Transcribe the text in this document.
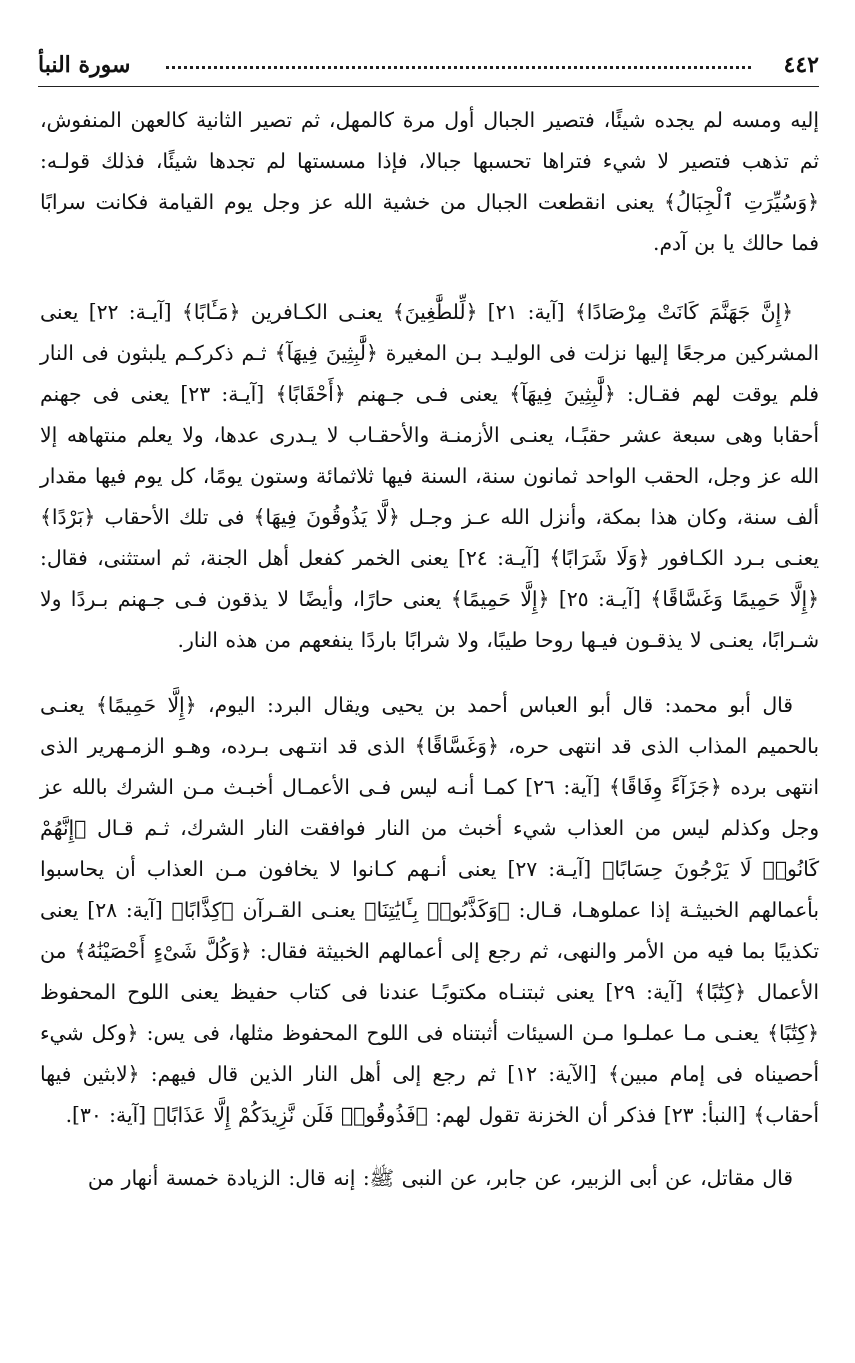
٤٤٢
سورة النبأ

إليه ومسه لم يجده شيئًا، فتصير الجبال أول مرة كالمهل، ثم تصير الثانية كالعهن المنفوش، ثم تذهب فتصير لا شيء فتراها تحسبها جبالا، فإذا مسستها لم تجدها شيئًا، فذلك قولـه: ﴿وَسُيِّرَتِ ٱلْجِبَالُ﴾ يعنى انقطعت الجبال من خشية الله عز وجل يوم القيامة فكانت سرابًا فما حالك يا بن آدم.

﴿إِنَّ جَهَنَّمَ كَانَتْ مِرْصَادًا﴾ [آية: ٢١] ﴿لِّلطَّٰغِينَ﴾ يعنـى الكـافرين ﴿مَـَٔابًا﴾ [آيـة: ٢٢] يعنى المشركين مرجعًا إليها نزلت فى الوليـد بـن المغيرة ﴿لَّٰبِثِينَ فِيهَآ﴾ ثـم ذكركـم يلبثون فى النار فلم يوقت لهم فقـال: ﴿لَّٰبِثِينَ فِيهَآ﴾ يعنى فـى جـهنم ﴿أَحْقَابًا﴾ [آيـة: ٢٣] يعنى فى جهنم أحقابا وهى سبعة عشر حقبًـا، يعنـى الأزمنـة والأحقـاب لا يـدرى عدها، ولا يعلم منتهاهه إلا الله عز وجل، الحقب الواحد ثمانون سنة، السنة فيها ثلاثمائة وستون يومًا، كل يوم فيها مقدار ألف سنة، وكان هذا بمكة، وأنزل الله عـز وجـل ﴿لَّا يَذُوقُونَ فِيهَا﴾ فى تلك الأحقاب ﴿بَرْدًا﴾ يعنـى بـرد الكـافور ﴿وَلَا شَرَابًا﴾ [آيـة: ٢٤] يعنى الخمر كفعل أهل الجنة، ثم استثنى، فقال: ﴿إِلَّا حَمِيمًا وَغَسَّاقًا﴾ [آيـة: ٢٥] ﴿إِلَّا حَمِيمًا﴾ يعنى حارًا، وأيضًا لا يذقون فـى جـهنم بـردًا ولا شـرابًا، يعنـى لا يذقـون فيـها روحا طيبًا، ولا شرابًا باردًا ينفعهم من هذه النار.

قال أبو محمد: قال أبو العباس أحمد بن يحيى ويقال البرد: اليوم، ﴿إِلَّا حَمِيمًا﴾ يعنـى بالحميم المذاب الذى قد انتهى حره، ﴿وَغَسَّاقًا﴾ الذى قد انتـهى بـرده، وهـو الزمـهرير الذى انتهى برده ﴿جَزَآءً وِفَاقًا﴾ [آية: ٢٦] كمـا أنـه ليس فـى الأعمـال أخبـث مـن الشرك بالله عز وجل وكذلم ليس من العذاب شيء أخبث من النار فوافقت النار الشرك، ثـم قـال ﴿إِنَّهُمْ كَانُوا۟ لَا يَرْجُونَ حِسَابًا﴾ [آيـة: ٢٧] يعنى أنـهم كـانوا لا يخافون مـن العذاب أن يحاسبوا بأعمالهم الخبيثـة إذا عملوهـا، قـال: ﴿وَكَذَّبُوا۟ بِـَٔايَٰتِنَا﴾ يعنـى القـرآن ﴿كِذَّابًا﴾ [آية: ٢٨] يعنى تكذيبًا بما فيه من الأمر والنهى، ثم رجع إلى أعمالهم الخبيثة فقال: ﴿وَكُلَّ شَىْءٍ أَحْصَيْنَٰهُ﴾ من الأعمال ﴿كِتَٰبًا﴾ [آية: ٢٩] يعنى ثبتنـاه مكتوبًـا عندنا فى كتاب حفيظ يعنى اللوح المحفوظ ﴿كِتَٰبًا﴾ يعنـى مـا عملـوا مـن السيئات أثبتناه فى اللوح المحفوظ مثلها، فى يس: ﴿وكل شيء أحصيناه فى إمام مبين﴾ [الآية: ١٢] ثم رجع إلى أهل النار الذين قال فيهم: ﴿لابثين فيها أحقاب﴾ [النبأ: ٢٣] فذكر أن الخزنة تقول لهم: ﴿فَذُوقُوا۟ فَلَن نَّزِيدَكُمْ إِلَّا عَذَابًا﴾ [آية: ٣٠].

قال مقاتل، عن أبى الزبير، عن جابر، عن النبى ﷺ: إنه قال: الزيادة خمسة أنهار من
